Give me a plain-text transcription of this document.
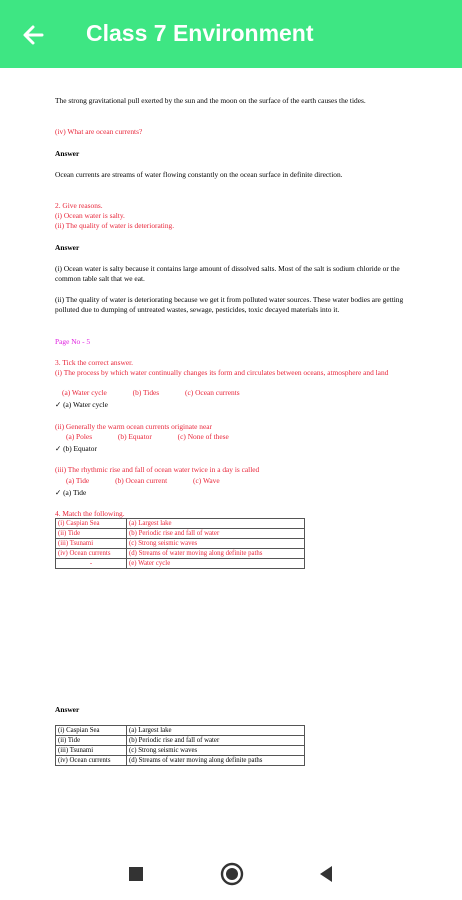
Class 7 Environment

The strong gravitational pull exerted by the sun and the moon on the surface of the earth causes the tides.

(iv) What are ocean currents?

Answer

Ocean currents are streams of water flowing constantly on the ocean surface in definite direction.

2. Give reasons.

(i) Ocean water is salty.

(ii) The quality of water is deteriorating.

Answer

(i) Ocean water is salty because it contains large amount of dissolved salts. Most of the salt is sodium chloride or the common table salt that we eat.

(ii) The quality of water is deteriorating because we get it from polluted water sources. These water bodies are getting polluted due to dumping of untreated wastes, sewage, pesticides, toxic decayed materials into it.

Page No - 5

3. Tick the correct answer.

(i) The process by which water continually changes its form and circulates between oceans, atmosphere and land

(a) Water cycle              (b) Tides              (c) Ocean currents

✓ (a) Water cycle

(ii) Generally the warm ocean currents originate near

(a) Poles              (b) Equator              (c) None of these

✓ (b) Equator

(iii) The rhythmic rise and fall of ocean water twice in a day is called

(a) Tide              (b) Ocean current              (c) Wave

✓ (a) Tide

4. Match the following.

(i) Caspian Sea	(a) Largest lake
(ii) Tide	(b) Periodic rise and fall of water
(iii) Tsunami	(c) Strong seismic waves
(iv) Ocean currents	(d) Streams of water moving along definite paths
-	(e) Water cycle

Answer

(i) Caspian Sea	(a) Largest lake
(ii) Tide	(b) Periodic rise and fall of water
(iii) Tsunami	(c) Strong seismic waves
(iv) Ocean currents	(d) Streams of water moving along definite paths
